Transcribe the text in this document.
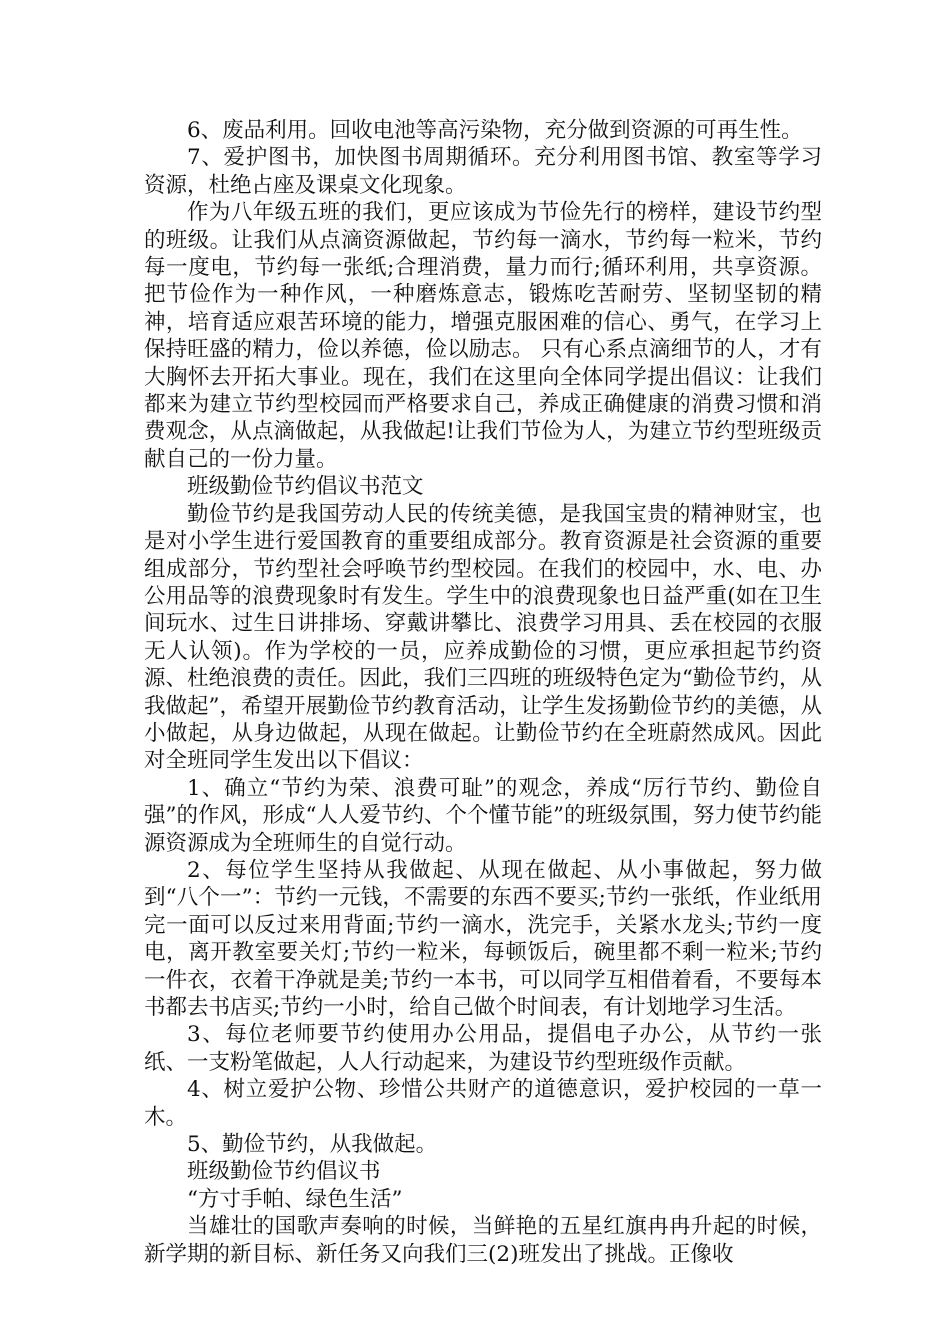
6、废品利用。回收电池等高污染物，充分做到资源的可再生性。

7、爱护图书，加快图书周期循环。充分利用图书馆、教室等学习资源，杜绝占座及课桌文化现象。

作为八年级五班的我们，更应该成为节俭先行的榜样，建设节约型的班级。让我们从点滴资源做起，节约每一滴水，节约每一粒米，节约每一度电，节约每一张纸;合理消费，量力而行;循环利用，共享资源。把节俭作为一种作风，一种磨炼意志，锻炼吃苦耐劳、坚韧坚韧的精神，培育适应艰苦环境的能力，增强克服困难的信心、勇气，在学习上保持旺盛的精力，俭以养德，俭以励志。 只有心系点滴细节的人，才有大胸怀去开拓大事业。现在，我们在这里向全体同学提出倡议：让我们都来为建立节约型校园而严格要求自己，养成正确健康的消费习惯和消费观念，从点滴做起，从我做起!让我们节俭为人，为建立节约型班级贡献自己的一份力量。

班级勤俭节约倡议书范文

勤俭节约是我国劳动人民的传统美德，是我国宝贵的精神财宝，也是对小学生进行爱国教育的重要组成部分。教育资源是社会资源的重要组成部分，节约型社会呼唤节约型校园。在我们的校园中，水、电、办公用品等的浪费现象时有发生。学生中的浪费现象也日益严重(如在卫生间玩水、过生日讲排场、穿戴讲攀比、浪费学习用具、丢在校园的衣服无人认领)。作为学校的一员，应养成勤俭的习惯，更应承担起节约资源、杜绝浪费的责任。因此，我们三四班的班级特色定为“勤俭节约，从我做起”，希望开展勤俭节约教育活动，让学生发扬勤俭节约的美德，从小做起，从身边做起，从现在做起。让勤俭节约在全班蔚然成风。因此对全班同学生发出以下倡议：

1、确立“节约为荣、浪费可耻”的观念，养成“厉行节约、勤俭自强”的作风，形成“人人爱节约、个个懂节能”的班级氛围，努力使节约能源资源成为全班师生的自觉行动。

2、每位学生坚持从我做起、从现在做起、从小事做起，努力做到“八个一”：节约一元钱，不需要的东西不要买;节约一张纸，作业纸用完一面可以反过来用背面;节约一滴水，洗完手，关紧水龙头;节约一度电，离开教室要关灯;节约一粒米，每顿饭后，碗里都不剩一粒米;节约一件衣，衣着干净就是美;节约一本书，可以同学互相借着看，不要每本书都去书店买;节约一小时，给自己做个时间表，有计划地学习生活。

3、每位老师要节约使用办公用品，提倡电子办公，从节约一张纸、一支粉笔做起，人人行动起来，为建设节约型班级作贡献。

4、树立爱护公物、珍惜公共财产的道德意识，爱护校园的一草一木。

5、勤俭节约，从我做起。

班级勤俭节约倡议书

“方寸手帕、绿色生活”

当雄壮的国歌声奏响的时候，当鲜艳的五星红旗冉冉升起的时候，新学期的新目标、新任务又向我们三(2)班发出了挑战。正像收
